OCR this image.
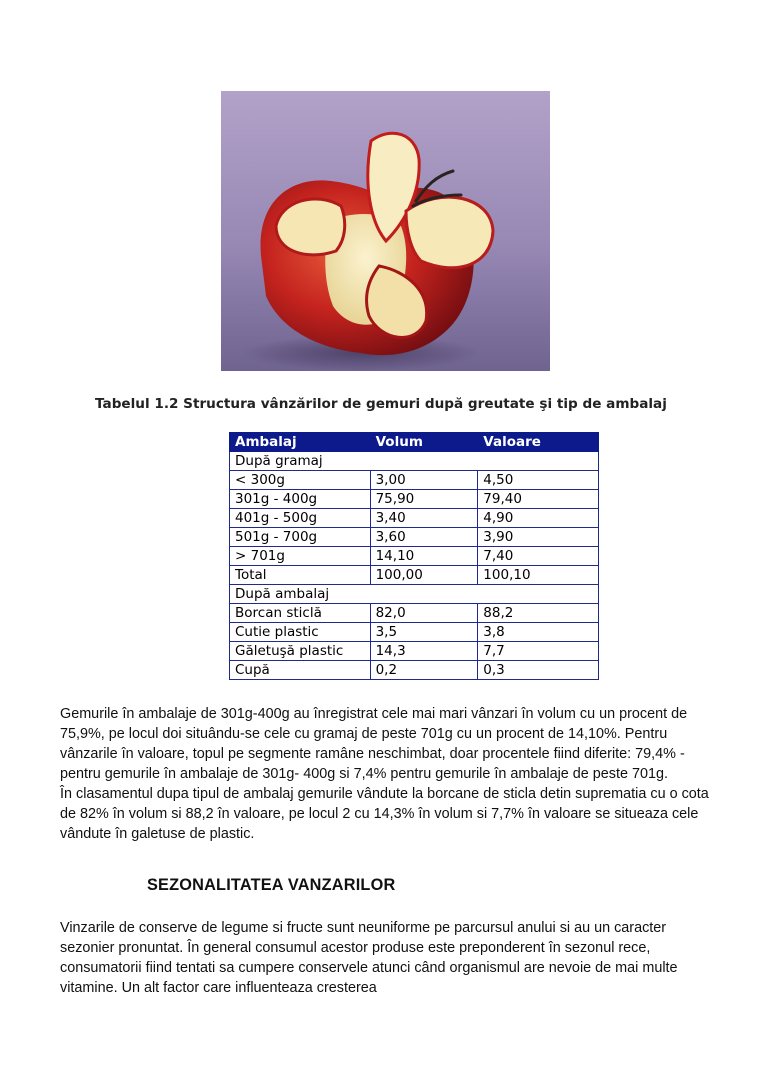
Tabelul 1.2 Structura vânzărilor de gemuri după greutate şi tip de ambalaj
Ambalaj	Volum	Valoare
După gramaj		
< 300g	3,00	4,50
301g - 400g	75,90	79,40
401g - 500g	3,40	4,90
501g - 700g	3,60	3,90
> 701g	14,10	7,40
Total	100,00	100,10
După ambalaj		
Borcan sticlă	82,0	88,2
Cutie plastic	3,5	3,8
Găletuşă plastic	14,3	7,7
Cupă	0,2	0,3

Gemurile în ambalaje de 301g-400g au înregistrat cele mai mari vânzari în volum cu un procent de 75,9%, pe locul doi situându-se cele cu gramaj de peste 701g cu un procent de 14,10%. Pentru vânzarile în valoare, topul pe segmente ramâne neschimbat, doar procentele fiind diferite: 79,4% - pentru gemurile în ambalaje de 301g- 400g si 7,4% pentru gemurile în ambalaje de peste 701g.

În clasamentul dupa tipul de ambalaj gemurile vândute la borcane de sticla detin suprematia cu o cota de 82% în volum si 88,2 în valoare, pe locul 2 cu 14,3% în volum si 7,7% în valoare se situeaza cele vândute în galetuse de plastic.

SEZONALITATEA VANZARILOR

Vinzarile de conserve de legume si fructe sunt neuniforme pe parcursul anului si au un caracter sezonier pronuntat. În general consumul acestor produse este preponderent în sezonul rece, consumatorii fiind tentati sa cumpere conservele atunci când organismul are nevoie de mai multe vitamine. Un alt factor care influenteaza cresterea
